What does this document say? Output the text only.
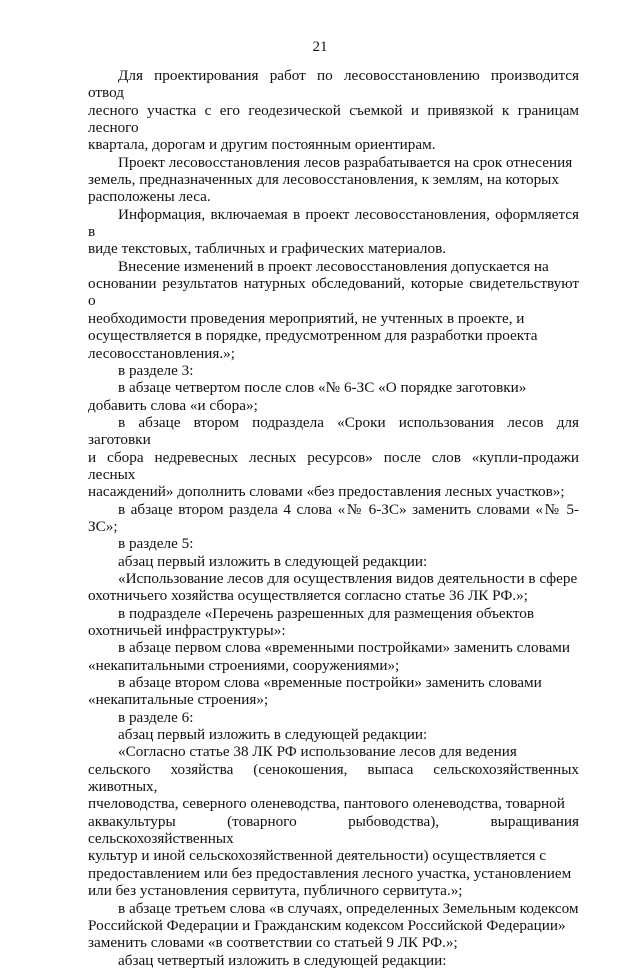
21

Для проектирования работ по лесовосстановлению производится отвод
лесного участка с его геодезической съемкой и привязкой к границам лесного
квартала, дорогам и другим постоянным ориентирам.

Проект лесовосстановления лесов разрабатывается на срок отнесения
земель, предназначенных для лесовосстановления, к землям, на которых
расположены леса.

Информация, включаемая в проект лесовосстановления, оформляется в
виде текстовых, табличных и графических материалов.

Внесение изменений в проект лесовосстановления допускается на
основании результатов натурных обследований, которые свидетельствуют о
необходимости проведения мероприятий, не учтенных в проекте, и
осуществляется в порядке, предусмотренном для разработки проекта
лесовосстановления.»;

в разделе 3:

в абзаце четвертом после слов «№ 6-ЗС «О порядке заготовки»
добавить слова «и сбора»;

в абзаце втором подраздела «Сроки использования лесов для заготовки
и сбора недревесных лесных ресурсов» после слов «купли-продажи лесных
насаждений» дополнить словами «без предоставления лесных участков»;

в абзаце втором раздела 4 слова «№ 6-ЗС» заменить словами «№ 5-ЗС»;

в разделе 5:

абзац первый изложить в следующей редакции:

«Использование лесов для осуществления видов деятельности в сфере
охотничьего хозяйства осуществляется согласно статье 36 ЛК РФ.»;

в подразделе «Перечень разрешенных для размещения объектов
охотничьей инфраструктуры»:

в абзаце первом слова «временными постройками» заменить словами
«некапитальными строениями, сооружениями»;

в абзаце втором слова «временные постройки» заменить словами
«некапитальные строения»;

в разделе 6:

абзац первый изложить в следующей редакции:

«Согласно статье 38 ЛК РФ использование лесов для ведения
сельского хозяйства (сенокошения, выпаса сельскохозяйственных животных,
пчеловодства, северного оленеводства, пантового оленеводства, товарной
аквакультуры (товарного рыбоводства), выращивания сельскохозяйственных
культур и иной сельскохозяйственной деятельности) осуществляется с
предоставлением или без предоставления лесного участка, установлением
или без установления сервитута, публичного сервитута.»;

в абзаце третьем слова «в случаях, определенных Земельным кодексом
Российской Федерации и Гражданским кодексом Российской Федерации»
заменить словами «в соответствии со статьей 9 ЛК РФ.»;

абзац четвертый изложить в следующей редакции:
